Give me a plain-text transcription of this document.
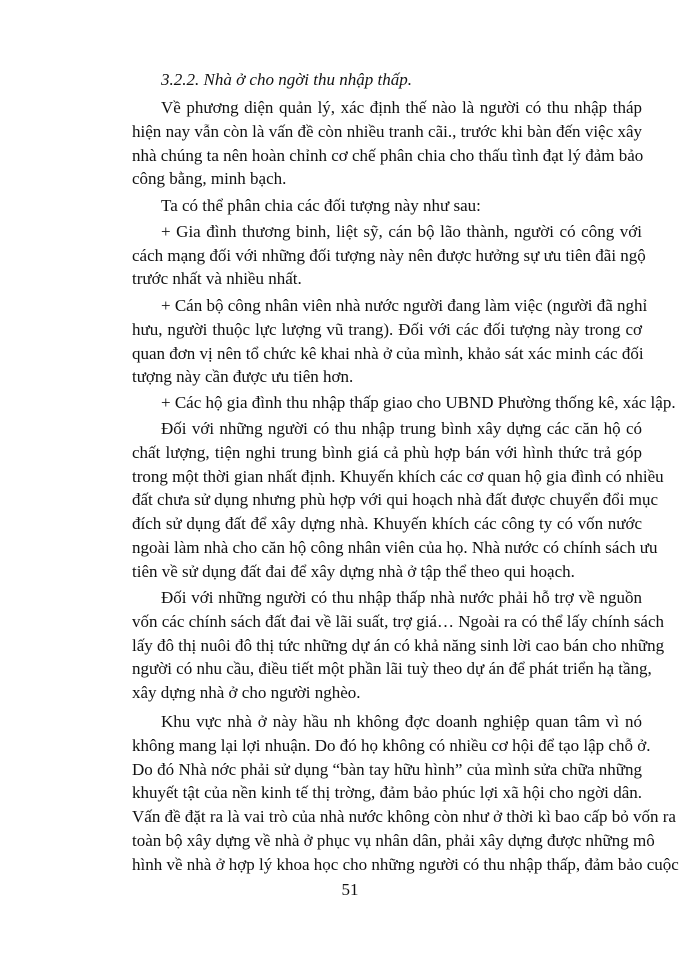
3.2.2. Nhà ở cho ngời thu nhập thấp.
Về phương diện quản lý, xác định thế nào là người có thu nhập tháp
hiện nay vẫn còn là vấn đề còn nhiều tranh cãi., trước khi bàn đến việc xây
nhà chúng ta nên hoàn chỉnh cơ chế phân chia cho thấu tình đạt lý đảm bảo
công bằng, minh bạch.
Ta có thể phân chia các đối tượng này như sau:
+ Gia đình thương binh, liệt sỹ, cán bộ lão thành, người có công với
cách mạng đối với những đối tượng này nên được hưởng sự ưu tiên đãi ngộ
trước nhất và nhiều nhất.
+ Cán bộ công nhân viên nhà nước người đang làm việc (người đã nghỉ
hưu, người thuộc lực lượng vũ trang). Đối với các đối tượng này trong cơ
quan đơn vị nên tổ chức kê khai nhà ở của mình, khảo sát xác minh các đối
tượng này cần được ưu tiên hơn.
+ Các hộ gia đình thu nhập thấp giao cho UBND Phường thống kê, xác lập.
Đối với những người có thu nhập trung bình xây dựng các căn hộ có
chất lượng, tiện nghi trung bình giá cả phù hợp bán với hình thức trả góp
trong một thời gian nhất định. Khuyến khích các cơ quan hộ gia đình có nhiều
đất chưa sử dụng nhưng phù hợp với qui hoạch nhà đất được chuyển đổi mục
đích sử dụng đất để xây dựng nhà. Khuyến khích các công ty có vốn nước
ngoài làm nhà cho căn hộ công nhân viên của họ. Nhà nước có chính sách ưu
tiên về sử dụng đất đai để xây dựng nhà ở tập thể theo qui hoạch.
Đối với những người có thu nhập thấp nhà nước phải hỗ trợ về nguồn
vốn các chính sách đất đai về lãi suất, trợ giá… Ngoài ra có thể lấy chính sách
lấy đô thị nuôi đô thị tức những dự án có khả năng sinh lời cao bán cho những
người có nhu cầu, điều tiết một phần lãi tuỳ theo dự án để phát triển hạ tầng,
xây dựng nhà ở cho người nghèo.
Khu vực nhà ở này hầu nh không đợc doanh nghiệp quan tâm vì nó
không mang lại lợi nhuận. Do đó họ không có nhiều cơ hội để tạo lập chỗ ở.
Do đó Nhà nớc phải sử dụng “bàn tay hữu hình” của mình sửa chữa những
khuyết tật của nền kinh tế thị trờng, đảm bảo phúc lợi xã hội cho ngời dân.
Vấn đề đặt ra là vai trò của nhà nước không còn như ở thời kì bao cấp bỏ vốn ra
toàn bộ xây dựng về nhà ở phục vụ nhân dân, phải xây dựng được những mô
hình về nhà ở hợp lý khoa học cho những người có thu nhập thấp, đảm bảo cuộc
51
